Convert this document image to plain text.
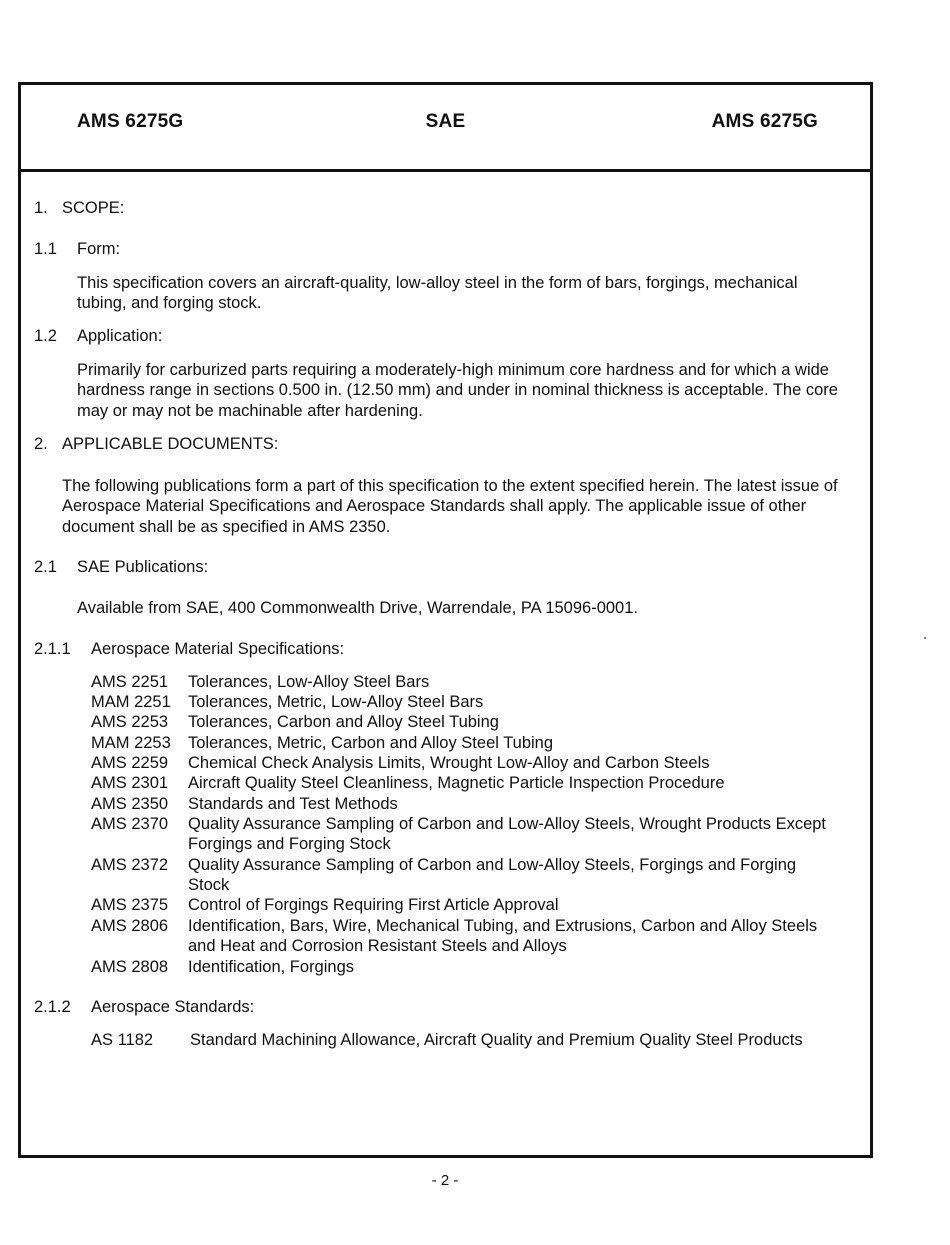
AMS 6275G	SAE	AMS 6275G
1. SCOPE:
1.1 Form:
This specification covers an aircraft-quality, low-alloy steel in the form of bars, forgings, mechanical tubing, and forging stock.
1.2 Application:
Primarily for carburized parts requiring a moderately-high minimum core hardness and for which a wide hardness range in sections 0.500 in. (12.50 mm) and under in nominal thickness is acceptable. The core may or may not be machinable after hardening.
2. APPLICABLE DOCUMENTS:
The following publications form a part of this specification to the extent specified herein. The latest issue of Aerospace Material Specifications and Aerospace Standards shall apply. The applicable issue of other document shall be as specified in AMS 2350.
2.1 SAE Publications:
Available from SAE, 400 Commonwealth Drive, Warrendale, PA 15096-0001.
2.1.1 Aerospace Material Specifications:
AMS 2251 Tolerances, Low-Alloy Steel Bars
MAM 2251 Tolerances, Metric, Low-Alloy Steel Bars
AMS 2253 Tolerances, Carbon and Alloy Steel Tubing
MAM 2253 Tolerances, Metric, Carbon and Alloy Steel Tubing
AMS 2259 Chemical Check Analysis Limits, Wrought Low-Alloy and Carbon Steels
AMS 2301 Aircraft Quality Steel Cleanliness, Magnetic Particle Inspection Procedure
AMS 2350 Standards and Test Methods
AMS 2370 Quality Assurance Sampling of Carbon and Low-Alloy Steels, Wrought Products Except Forgings and Forging Stock
AMS 2372 Quality Assurance Sampling of Carbon and Low-Alloy Steels, Forgings and Forging Stock
AMS 2375 Control of Forgings Requiring First Article Approval
AMS 2806 Identification, Bars, Wire, Mechanical Tubing, and Extrusions, Carbon and Alloy Steels and Heat and Corrosion Resistant Steels and Alloys
AMS 2808 Identification, Forgings
2.1.2 Aerospace Standards:
AS 1182 Standard Machining Allowance, Aircraft Quality and Premium Quality Steel Products
- 2 -
